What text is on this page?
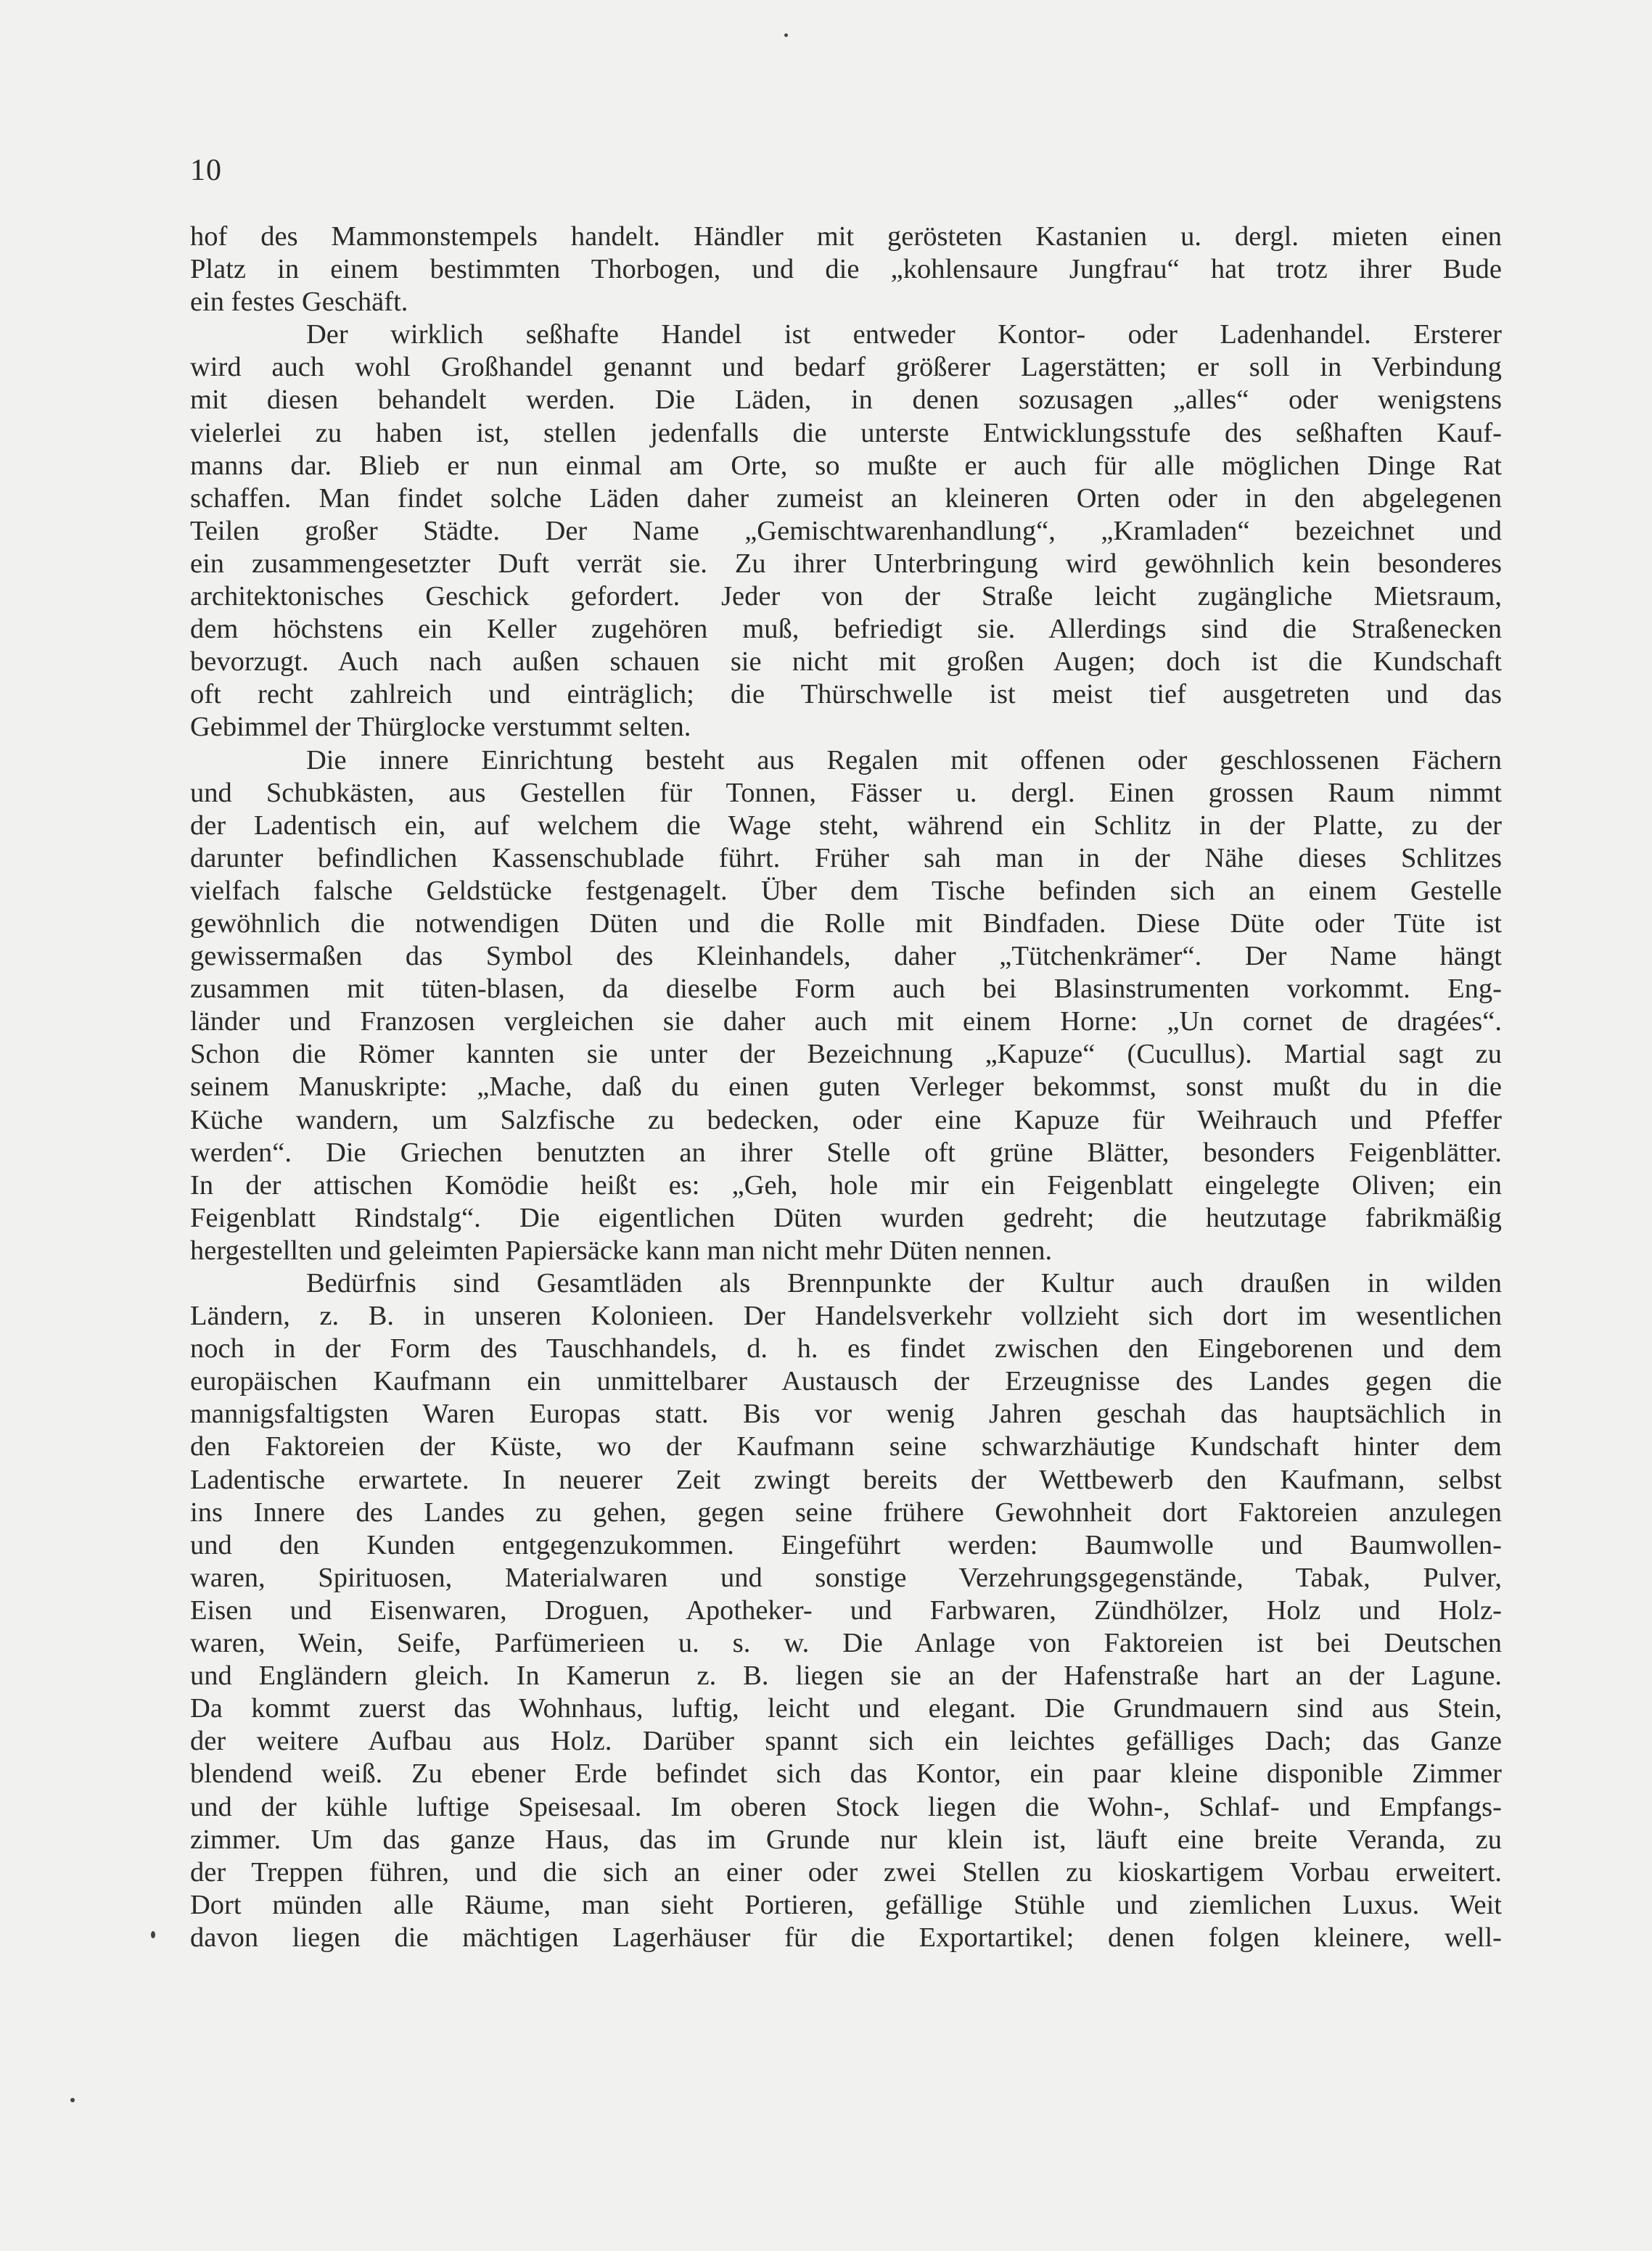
10
hof des Mammonstempels handelt. Händler mit gerösteten Kastanien u. dergl. mieten einen
Platz in einem bestimmten Thorbogen, und die „kohlensaure Jungfrau“ hat trotz ihrer Bude
ein festes Geschäft.
Der wirklich seßhafte Handel ist entweder Kontor- oder Ladenhandel. Ersterer
wird auch wohl Großhandel genannt und bedarf größerer Lagerstätten; er soll in Verbindung
mit diesen behandelt werden. Die Läden, in denen sozusagen „alles“ oder wenigstens
vielerlei zu haben ist, stellen jedenfalls die unterste Entwicklungsstufe des seßhaften Kauf-
manns dar. Blieb er nun einmal am Orte, so mußte er auch für alle möglichen Dinge Rat
schaffen. Man findet solche Läden daher zumeist an kleineren Orten oder in den abgelegenen
Teilen großer Städte. Der Name „Gemischtwarenhandlung“, „Kramladen“ bezeichnet und
ein zusammengesetzter Duft verrät sie. Zu ihrer Unterbringung wird gewöhnlich kein besonderes
architektonisches Geschick gefordert. Jeder von der Straße leicht zugängliche Mietsraum,
dem höchstens ein Keller zugehören muß, befriedigt sie. Allerdings sind die Straßenecken
bevorzugt. Auch nach außen schauen sie nicht mit großen Augen; doch ist die Kundschaft
oft recht zahlreich und einträglich; die Thürschwelle ist meist tief ausgetreten und das
Gebimmel der Thürglocke verstummt selten.
Die innere Einrichtung besteht aus Regalen mit offenen oder geschlossenen Fächern
und Schubkästen, aus Gestellen für Tonnen, Fässer u. dergl. Einen grossen Raum nimmt
der Ladentisch ein, auf welchem die Wage steht, während ein Schlitz in der Platte, zu der
darunter befindlichen Kassenschublade führt. Früher sah man in der Nähe dieses Schlitzes
vielfach falsche Geldstücke festgenagelt. Über dem Tische befinden sich an einem Gestelle
gewöhnlich die notwendigen Düten und die Rolle mit Bindfaden. Diese Düte oder Tüte ist
gewissermaßen das Symbol des Kleinhandels, daher „Tütchenkrämer“. Der Name hängt
zusammen mit tüten-blasen, da dieselbe Form auch bei Blasinstrumenten vorkommt. Eng-
länder und Franzosen vergleichen sie daher auch mit einem Horne: „Un cornet de dragées“.
Schon die Römer kannten sie unter der Bezeichnung „Kapuze“ (Cucullus). Martial sagt zu
seinem Manuskripte: „Mache, daß du einen guten Verleger bekommst, sonst mußt du in die
Küche wandern, um Salzfische zu bedecken, oder eine Kapuze für Weihrauch und Pfeffer
werden“. Die Griechen benutzten an ihrer Stelle oft grüne Blätter, besonders Feigenblätter.
In der attischen Komödie heißt es: „Geh, hole mir ein Feigenblatt eingelegte Oliven; ein
Feigenblatt Rindstalg“. Die eigentlichen Düten wurden gedreht; die heutzutage fabrikmäßig
hergestellten und geleimten Papiersäcke kann man nicht mehr Düten nennen.
Bedürfnis sind Gesamtläden als Brennpunkte der Kultur auch draußen in wilden
Ländern, z. B. in unseren Kolonieen. Der Handelsverkehr vollzieht sich dort im wesentlichen
noch in der Form des Tauschhandels, d. h. es findet zwischen den Eingeborenen und dem
europäischen Kaufmann ein unmittelbarer Austausch der Erzeugnisse des Landes gegen die
mannigsfaltigsten Waren Europas statt. Bis vor wenig Jahren geschah das hauptsächlich in
den Faktoreien der Küste, wo der Kaufmann seine schwarzhäutige Kundschaft hinter dem
Ladentische erwartete. In neuerer Zeit zwingt bereits der Wettbewerb den Kaufmann, selbst
ins Innere des Landes zu gehen, gegen seine frühere Gewohnheit dort Faktoreien anzulegen
und den Kunden entgegenzukommen. Eingeführt werden: Baumwolle und Baumwollen-
waren, Spirituosen, Materialwaren und sonstige Verzehrungsgegenstände, Tabak, Pulver,
Eisen und Eisenwaren, Droguen, Apotheker- und Farbwaren, Zündhölzer, Holz und Holz-
waren, Wein, Seife, Parfümerieen u. s. w. Die Anlage von Faktoreien ist bei Deutschen
und Engländern gleich. In Kamerun z. B. liegen sie an der Hafenstraße hart an der Lagune.
Da kommt zuerst das Wohnhaus, luftig, leicht und elegant. Die Grundmauern sind aus Stein,
der weitere Aufbau aus Holz. Darüber spannt sich ein leichtes gefälliges Dach; das Ganze
blendend weiß. Zu ebener Erde befindet sich das Kontor, ein paar kleine disponible Zimmer
und der kühle luftige Speisesaal. Im oberen Stock liegen die Wohn-, Schlaf- und Empfangs-
zimmer. Um das ganze Haus, das im Grunde nur klein ist, läuft eine breite Veranda, zu
der Treppen führen, und die sich an einer oder zwei Stellen zu kioskartigem Vorbau erweitert.
Dort münden alle Räume, man sieht Portieren, gefällige Stühle und ziemlichen Luxus. Weit
davon liegen die mächtigen Lagerhäuser für die Exportartikel; denen folgen kleinere, well-
